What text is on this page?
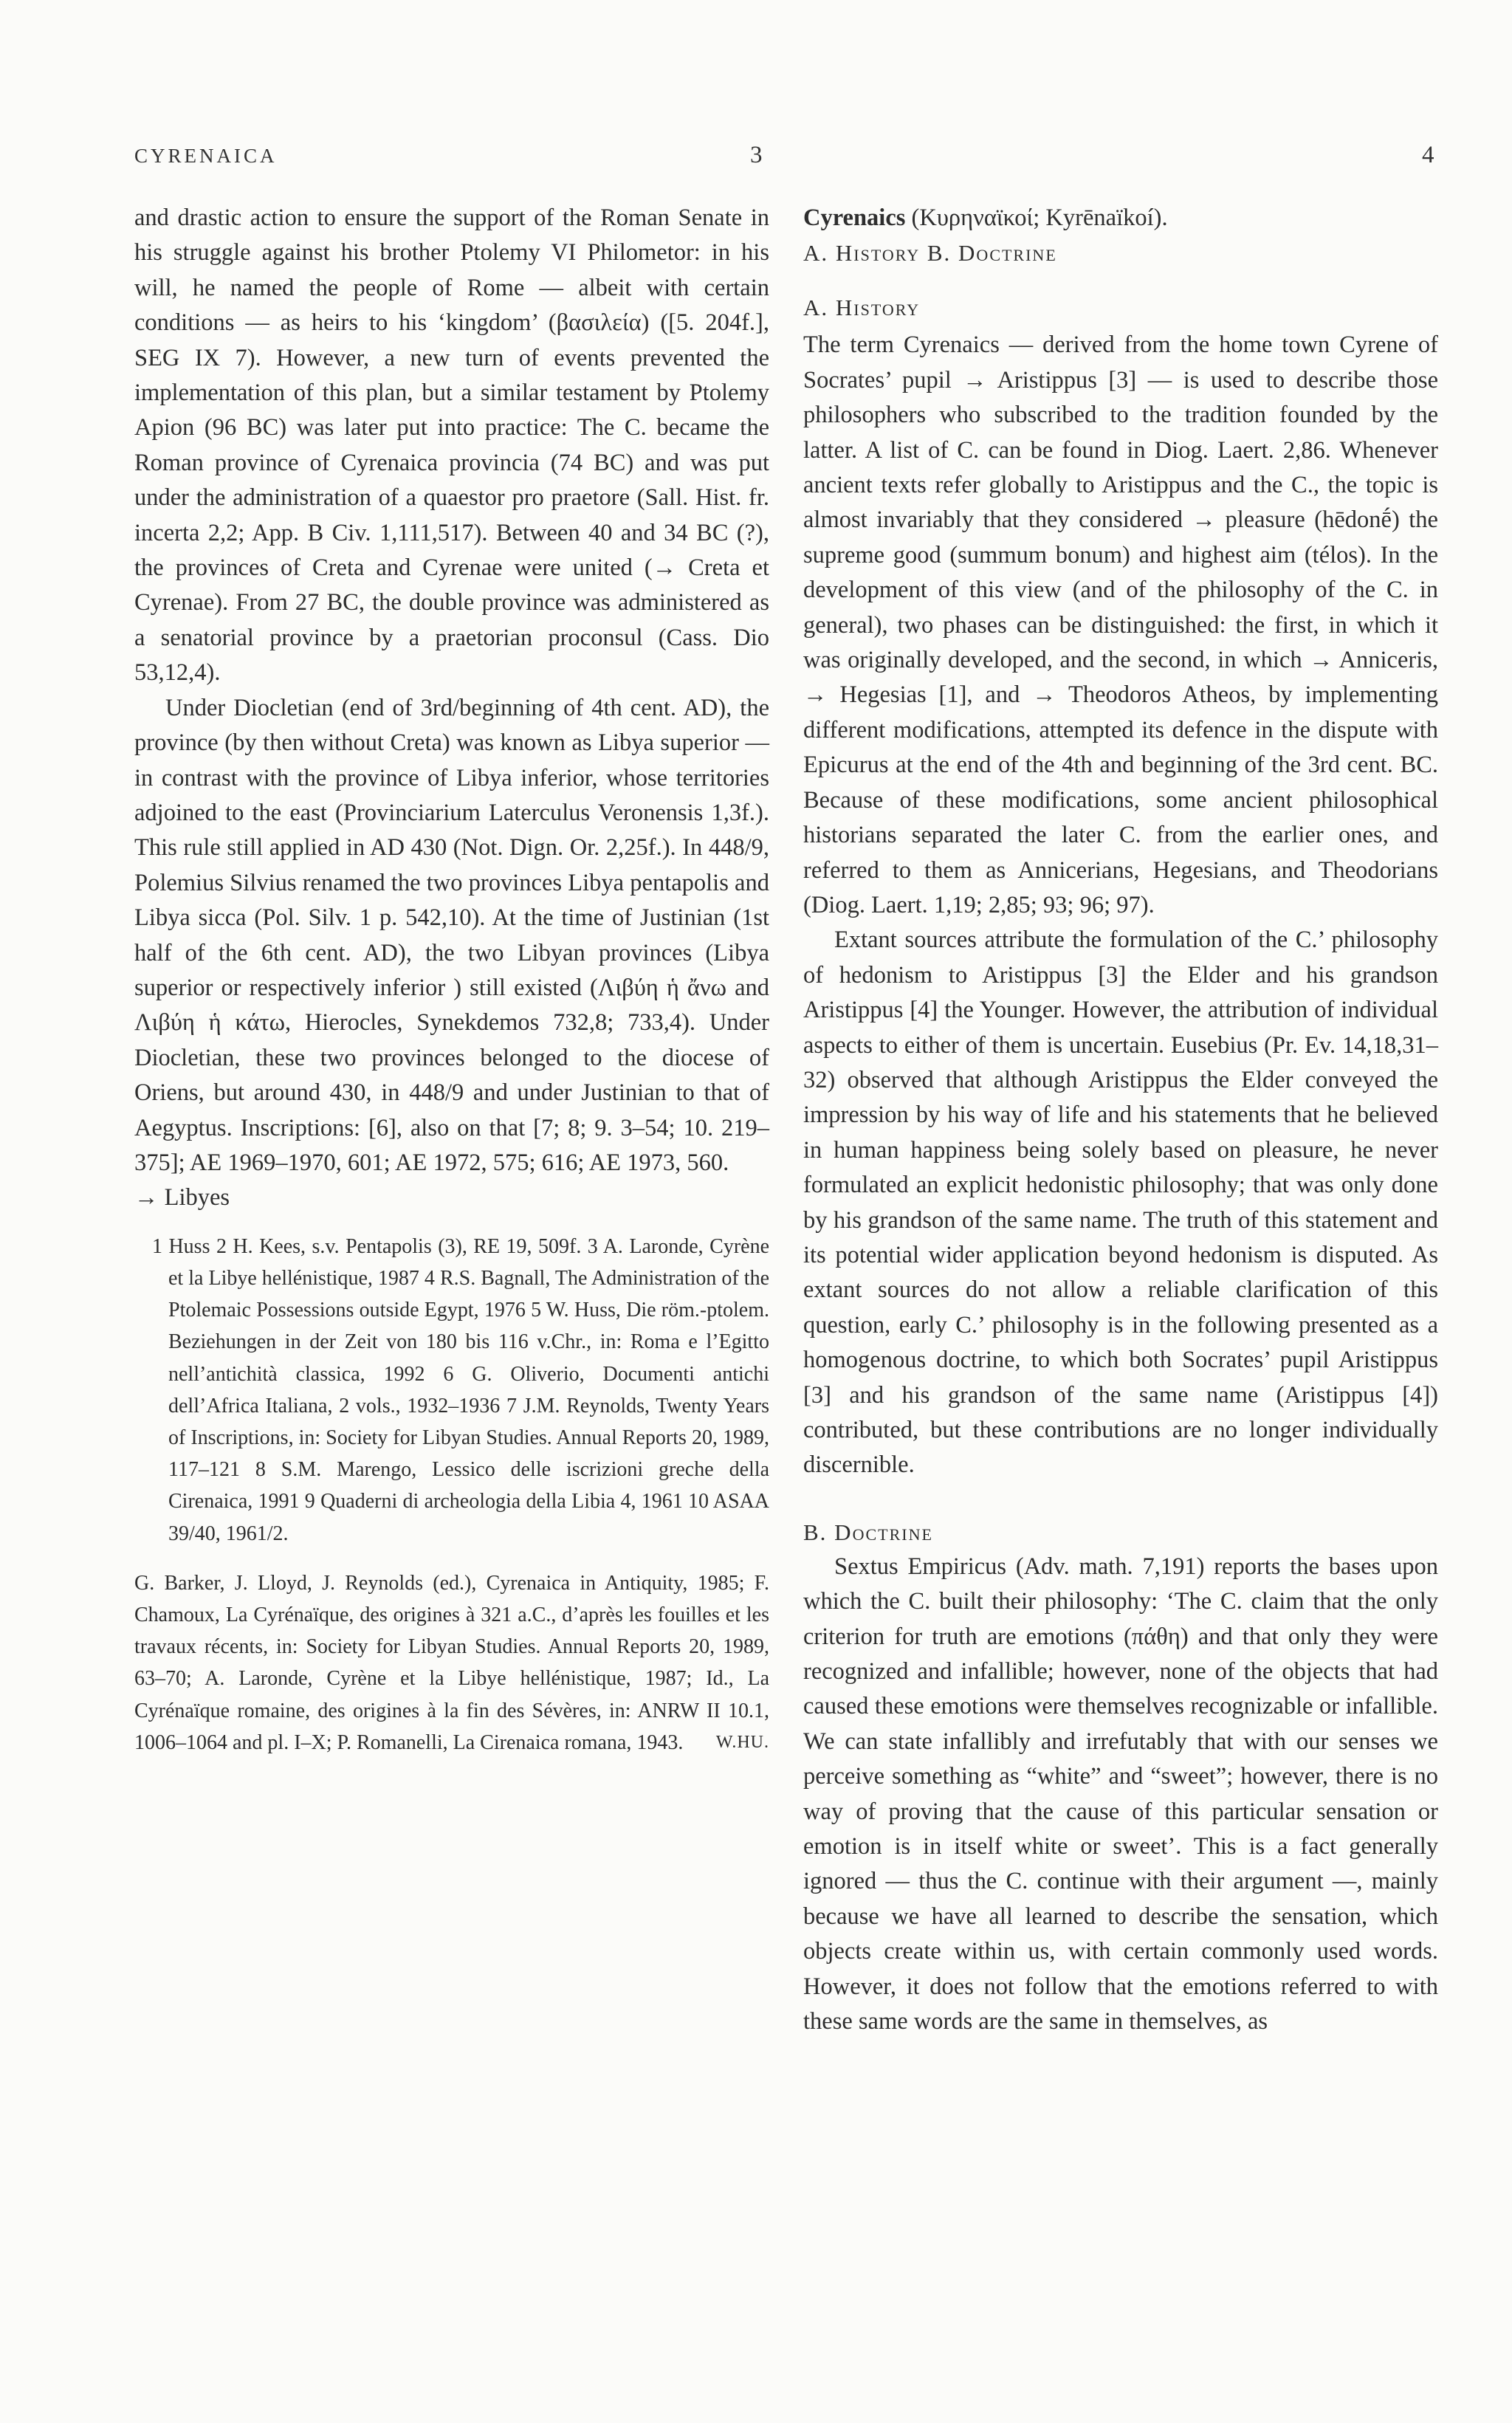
CYRENAICA	3	4

and drastic action to ensure the support of the Roman Senate in his struggle against his brother Ptolemy VI Philometor: in his will, he named the people of Rome — albeit with certain conditions — as heirs to his ‘kingdom’ (βασιλεία) ([5. 204f.], SEG IX 7). However, a new turn of events prevented the implementation of this plan, but a similar testament by Ptolemy Apion (96 BC) was later put into practice: The C. became the Roman province of Cyrenaica provincia (74 BC) and was put under the administration of a quaestor pro praetore (Sall. Hist. fr. incerta 2,2; App. B Civ. 1,111,517). Between 40 and 34 BC (?), the provinces of Creta and Cyrenae were united (→ Creta et Cyrenae). From 27 BC, the double province was administered as a senatorial province by a praetorian proconsul (Cass. Dio 53,12,4).

Under Diocletian (end of 3rd/beginning of 4th cent. AD), the province (by then without Creta) was known as Libya superior — in contrast with the province of Libya inferior, whose territories adjoined to the east (Provinciarium Laterculus Veronensis 1,3f.). This rule still applied in AD 430 (Not. Dign. Or. 2,25f.). In 448/9, Polemius Silvius renamed the two provinces Libya pentapolis and Libya sicca (Pol. Silv. 1 p. 542,10). At the time of Justinian (1st half of the 6th cent. AD), the two Libyan provinces (Libya superior or respectively inferior ) still existed (Λιβύη ἡ ἄνω and Λιβύη ἡ κάτω, Hierocles, Synekdemos 732,8; 733,4). Under Diocletian, these two provinces belonged to the diocese of Oriens, but around 430, in 448/9 and under Justinian to that of Aegyptus. Inscriptions: [6], also on that [7; 8; 9. 3–54; 10. 219–375]; AE 1969–1970, 601; AE 1972, 575; 616; AE 1973, 560.

→ Libyes

1 Huss 2 H. Kees, s.v. Pentapolis (3), RE 19, 509f. 3 A. Laronde, Cyrène et la Libye hellénistique, 1987 4 R.S. Bagnall, The Administration of the Ptolemaic Possessions outside Egypt, 1976 5 W. Huss, Die röm.-ptolem. Beziehungen in der Zeit von 180 bis 116 v.Chr., in: Roma e l’Egitto nell’antichità classica, 1992 6 G. Oliverio, Documenti antichi dell’Africa Italiana, 2 vols., 1932–1936 7 J.M. Reynolds, Twenty Years of Inscriptions, in: Society for Libyan Studies. Annual Reports 20, 1989, 117–121 8 S.M. Marengo, Lessico delle iscrizioni greche della Cirenaica, 1991 9 Quaderni di archeologia della Libia 4, 1961 10 ASAA 39/40, 1961/2.

G. Barker, J. Lloyd, J. Reynolds (ed.), Cyrenaica in Antiquity, 1985; F. Chamoux, La Cyrénaïque, des origines à 321 a.C., d’après les fouilles et les travaux récents, in: Society for Libyan Studies. Annual Reports 20, 1989, 63–70; A. Laronde, Cyrène et la Libye hellénistique, 1987; Id., La Cyrénaïque romaine, des origines à la fin des Sévères, in: ANRW II 10.1, 1006–1064 and pl. I–X; P. Romanelli, La Cirenaica romana, 1943. W.HU.

Cyrenaics (Κυρηναϊκοί; Kyrēnaïkoí).
A. History B. Doctrine
A. History

The term Cyrenaics — derived from the home town Cyrene of Socrates’ pupil → Aristippus [3] — is used to describe those philosophers who subscribed to the tradition founded by the latter. A list of C. can be found in Diog. Laert. 2,86. Whenever ancient texts refer globally to Aristippus and the C., the topic is almost invariably that they considered → pleasure (hēdonḗ) the supreme good (summum bonum) and highest aim (télos). In the development of this view (and of the philosophy of the C. in general), two phases can be distinguished: the first, in which it was originally developed, and the second, in which → Anniceris, → Hegesias [1], and → Theodoros Atheos, by implementing different modifications, attempted its defence in the dispute with Epicurus at the end of the 4th and beginning of the 3rd cent. BC. Because of these modifications, some ancient philosophical historians separated the later C. from the earlier ones, and referred to them as Annicerians, Hegesians, and Theodorians (Diog. Laert. 1,19; 2,85; 93; 96; 97).

Extant sources attribute the formulation of the C.’ philosophy of hedonism to Aristippus [3] the Elder and his grandson Aristippus [4] the Younger. However, the attribution of individual aspects to either of them is uncertain. Eusebius (Pr. Ev. 14,18,31–32) observed that although Aristippus the Elder conveyed the impression by his way of life and his statements that he believed in human happiness being solely based on pleasure, he never formulated an explicit hedonistic philosophy; that was only done by his grandson of the same name. The truth of this statement and its potential wider application beyond hedonism is disputed. As extant sources do not allow a reliable clarification of this question, early C.’ philosophy is in the following presented as a homogenous doctrine, to which both Socrates’ pupil Aristippus [3] and his grandson of the same name (Aristippus [4]) contributed, but these contributions are no longer individually discernible.

B. Doctrine

Sextus Empiricus (Adv. math. 7,191) reports the bases upon which the C. built their philosophy: ‘The C. claim that the only criterion for truth are emotions (πάθη) and that only they were recognized and infallible; however, none of the objects that had caused these emotions were themselves recognizable or infallible. We can state infallibly and irrefutably that with our senses we perceive something as “white” and “sweet”; however, there is no way of proving that the cause of this particular sensation or emotion is in itself white or sweet’. This is a fact generally ignored — thus the C. continue with their argument —, mainly because we have all learned to describe the sensation, which objects create within us, with certain commonly used words. However, it does not follow that the emotions referred to with these same words are the same in themselves, as
